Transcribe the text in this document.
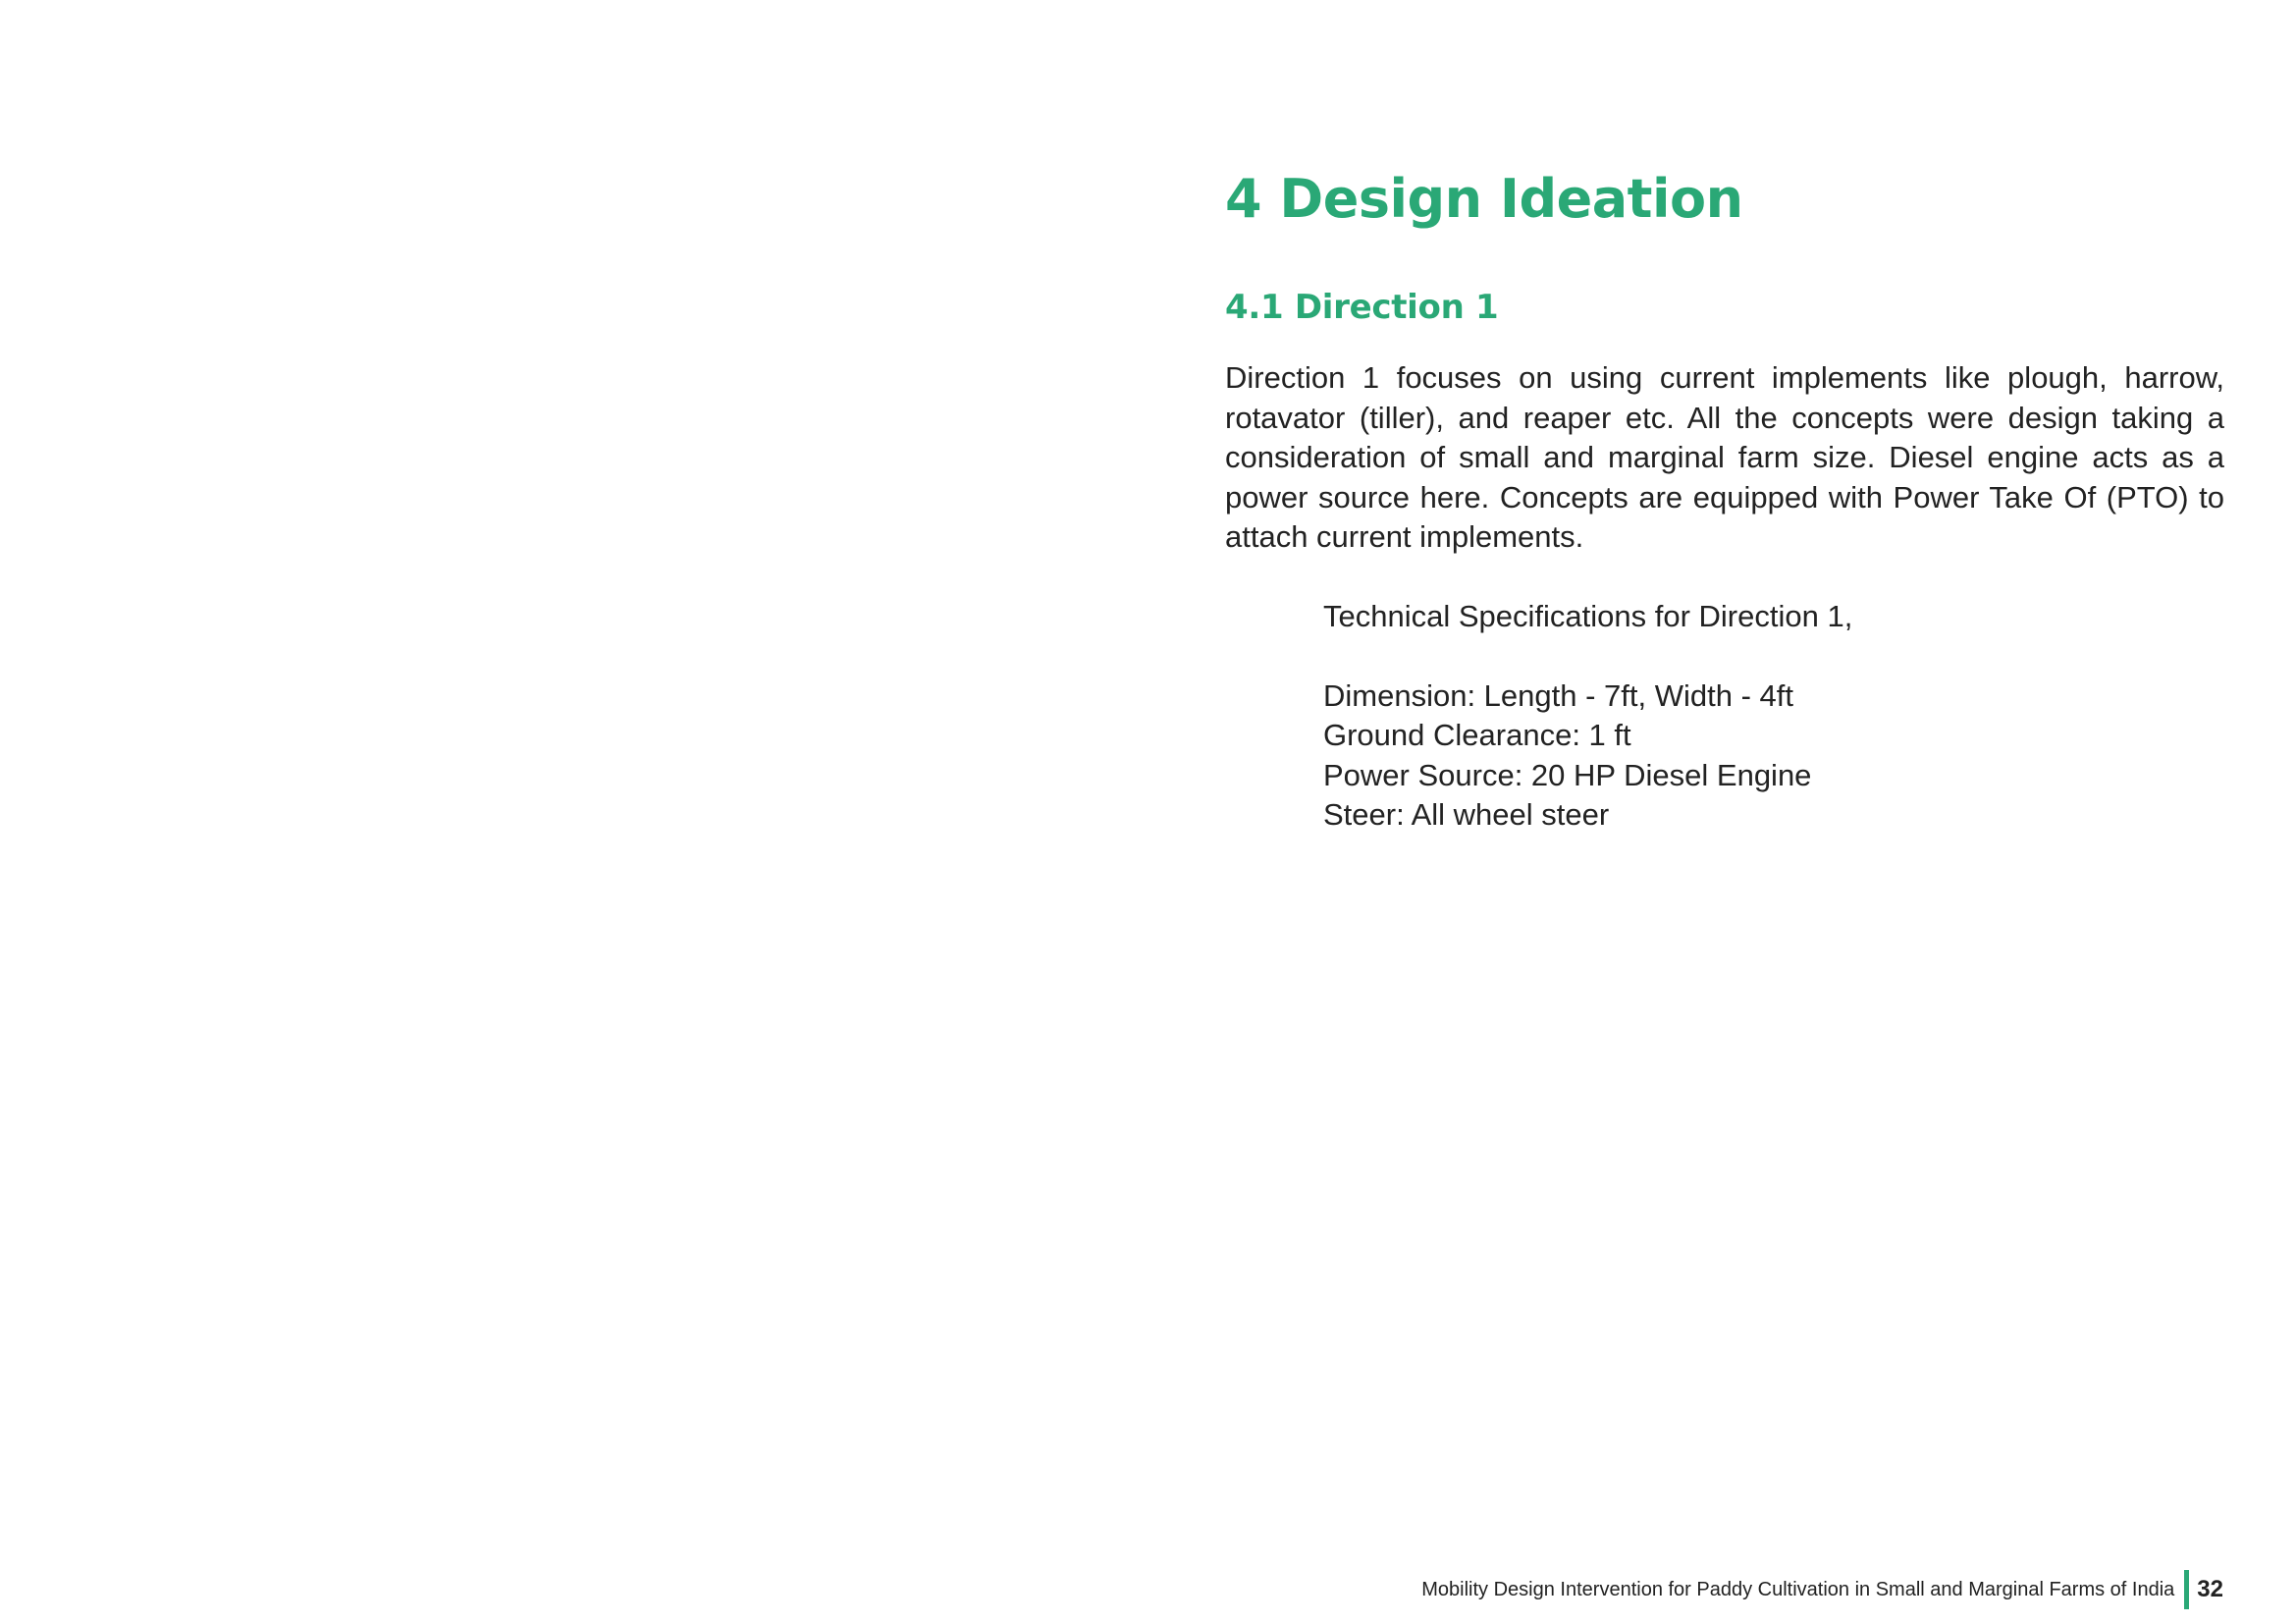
4 Design Ideation
4.1 Direction 1

Direction 1 focuses on using current implements like plough, harrow, rotavator (tiller), and reaper etc. All the concepts were design taking a consideration of small and marginal farm size. Diesel engine acts as a power source here. Concepts are equipped with Power Take Of (PTO) to attach current implements.

Technical Specifications for Direction 1,

Dimension: Length - 7ft, Width - 4ft
Ground Clearance: 1 ft
Power Source: 20 HP Diesel Engine
Steer: All wheel steer
Mobility Design Intervention for Paddy Cultivation in Small and Marginal Farms of India 32
